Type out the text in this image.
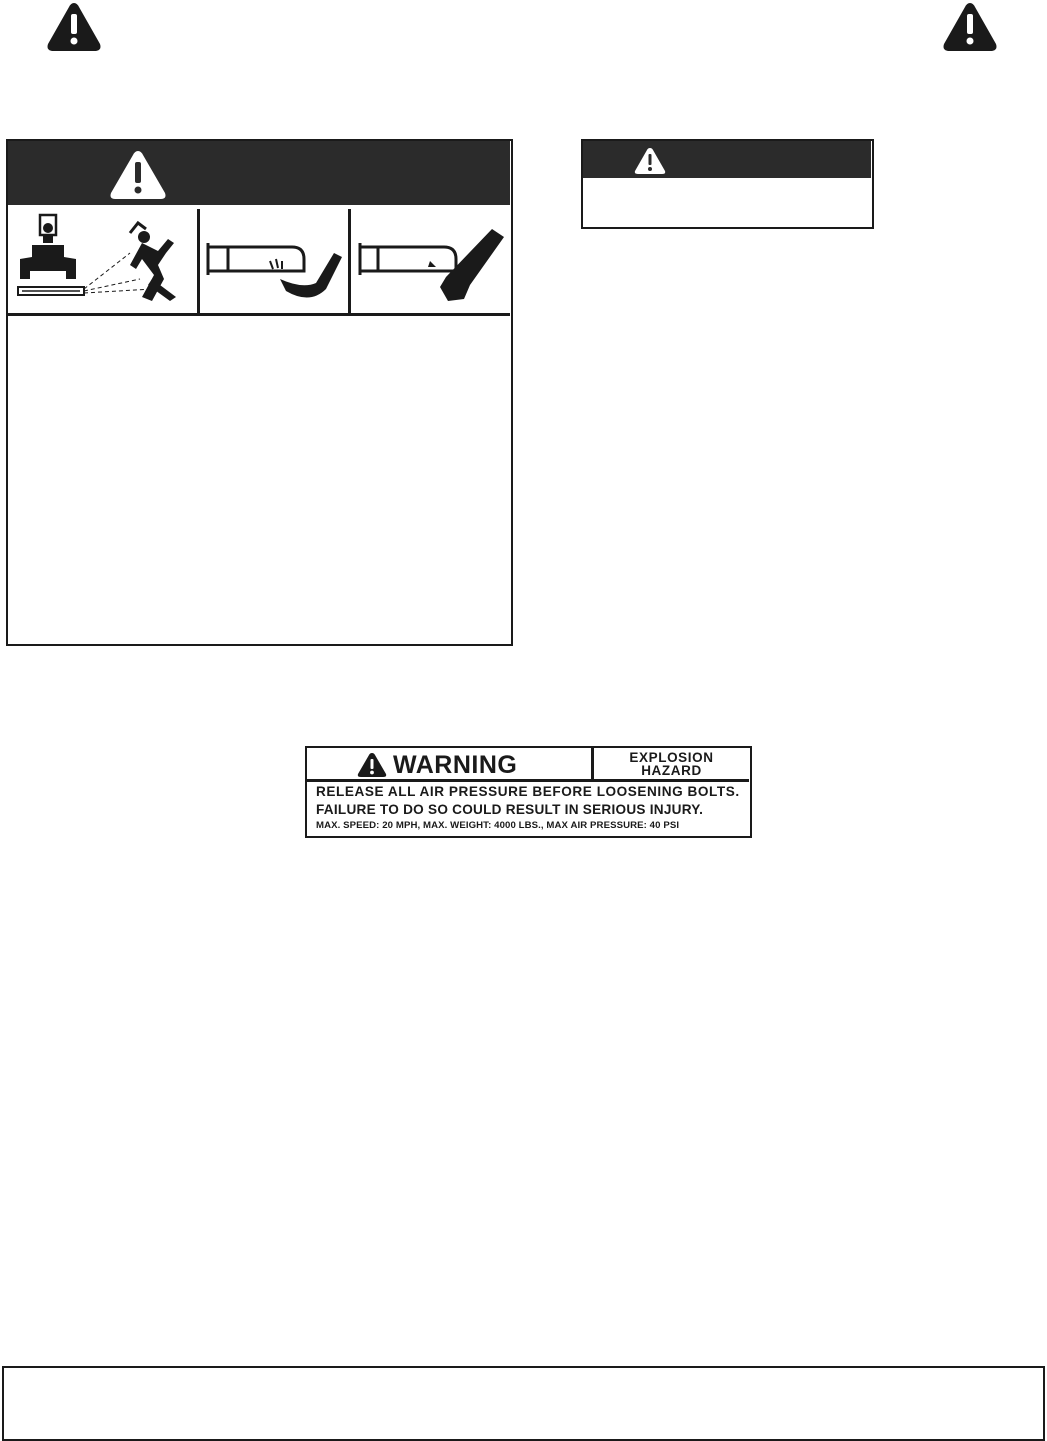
WARNING	EXPLOSION
HAZARD
RELEASE ALL AIR PRESSURE BEFORE LOOSENING BOLTS.
FAILURE TO DO SO COULD RESULT IN SERIOUS INJURY.
MAX. SPEED: 20 MPH, MAX. WEIGHT: 4000 LBS., MAX AIR PRESSURE: 40 PSI
